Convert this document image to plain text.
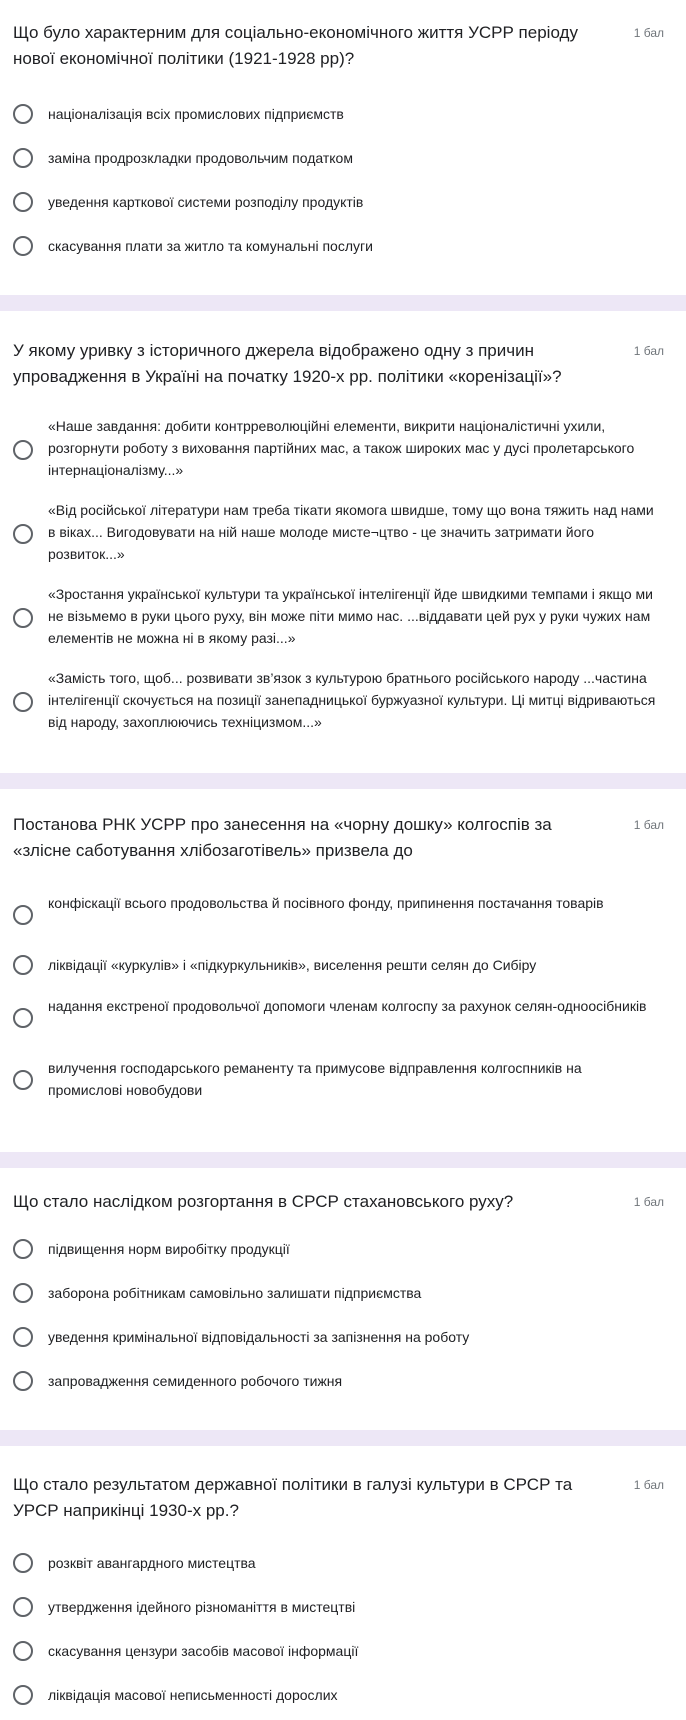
Що було характерним для соціально-економічного життя УСРР періоду нової економічної політики (1921-1928 рр)?
1 бал
націоналізація всіх промислових підприємств
заміна продрозкладки продовольчим податком
уведення карткової системи розподілу продуктів
скасування плати за житло та комунальні послуги
У якому уривку з історичного джерела відображено одну з причин упровадження в Україні на початку 1920-х рр. політики «коренізації»?
1 бал
«Наше завдання: добити контрреволюційні елементи, викрити націоналістичні ухили, розгорнути роботу з виховання партійних мас, а також широких мас у дусі пролетарського інтернаціоналізму...»
«Від російської літератури нам треба тікати якомога швидше, тому що вона тяжить над нами в віках... Вигодовувати на ній наше молоде мисте¬цтво - це значить затримати його розвиток...»
«Зростання української культури та української інтелігенції йде швидкими темпами і якщо ми не візьмемо в руки цього руху, він може піти мимо нас. ...віддавати цей рух у руки чужих нам елементів не можна ні в якому разі...»
«Замість того, щоб... розвивати зв’язок з культурою братнього російського народу ...частина інтелігенції скочується на позиції занепадницької буржуазної культури. Ці митці відриваються від народу, захоплюючись техніцизмом...»
Постанова РНК УСРР про занесення на «чорну дошку» колгоспів за «злісне саботування хлібозаготівель» призвела до
1 бал
конфіскації всього продовольства й посівного фонду, припинення постачання товарів
ліквідації «куркулів» і «підкуркульників», виселення решти селян до Сибіру
надання екстреної продовольчої допомоги членам колгоспу за рахунок селян-одноосібників
вилучення господарського реманенту та примусове відправлення колгоспників на промислові новобудови
Що стало наслідком розгортання в СРСР стахановського руху?	1 бал
підвищення норм виробітку продукції
заборона робітникам самовільно залишати підприємства
уведення кримінальної відповідальності за запізнення на роботу
запровадження семиденного робочого тижня
Що стало результатом державної політики в галузі культури в СРСР та УРСР наприкінці 1930-х рр.?
1 бал
розквіт авангардного мистецтва
утвердження ідейного різноманіття в мистецтві
скасування цензури засобів масової інформації
ліквідація масової неписьменності дорослих
